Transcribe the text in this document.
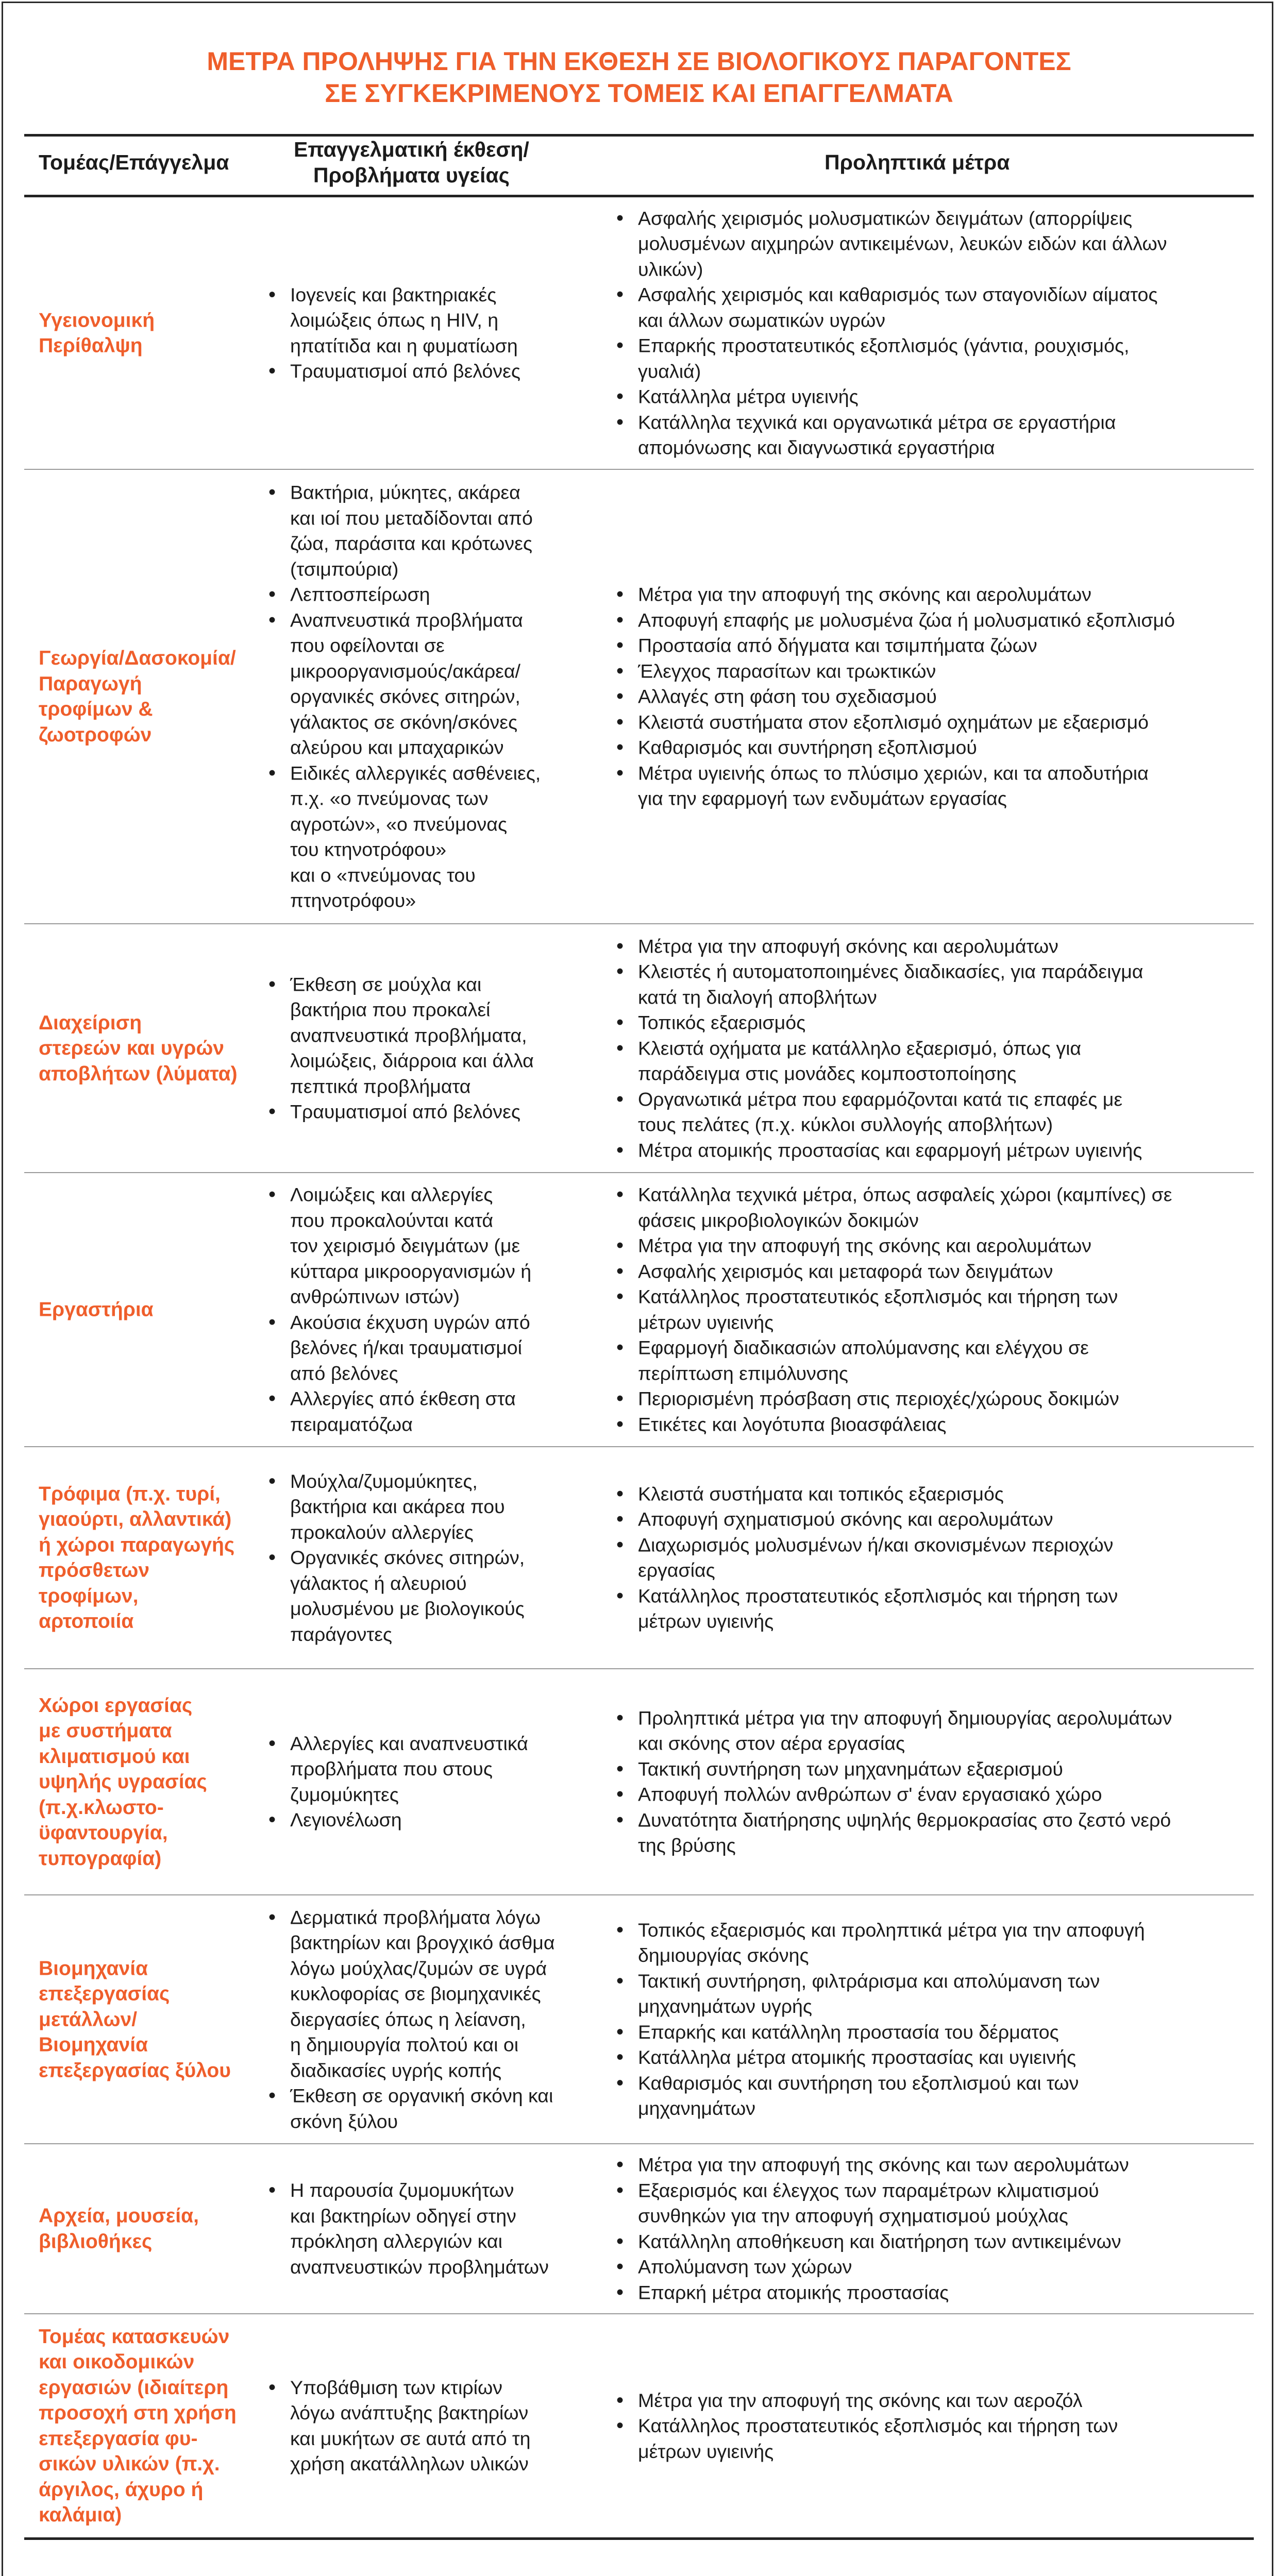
ΜΕΤΡΑ ΠΡΟΛΗΨΗΣ ΓΙΑ ΤΗΝ ΕΚΘΕΣΗ ΣΕ ΒΙΟΛΟΓΙΚΟΥΣ ΠΑΡΑΓΟΝΤΕΣ
ΣΕ ΣΥΓΚΕΚΡΙΜΕΝΟΥΣ ΤΟΜΕΙΣ ΚΑΙ ΕΠΑΓΓΕΛΜΑΤΑ
Τομέας/Επάγγελμα
Επαγγελματική έκθεση/
Προβλήματα υγείας
Προληπτικά μέτρα
Υγειονομική
Περίθαλψη
• Ιογενείς και βακτηριακές
λοιμώξεις όπως η HIV, η
ηπατίτιδα και η φυματίωση
• Τραυματισμοί από βελόνες
• Ασφαλής χειρισμός μολυσματικών δειγμάτων (απορρίψεις
μολυσμένων αιχμηρών αντικειμένων, λευκών ειδών και άλλων
υλικών)
• Ασφαλής χειρισμός και καθαρισμός των σταγονιδίων αίματος
και άλλων σωματικών υγρών
• Επαρκής προστατευτικός εξοπλισμός (γάντια, ρουχισμός,
γυαλιά)
• Κατάλληλα μέτρα υγιεινής
• Κατάλληλα τεχνικά και οργανωτικά μέτρα σε εργαστήρια
απομόνωσης και διαγνωστικά εργαστήρια
Γεωργία/Δασοκομία/
Παραγωγή
τροφίμων &
ζωοτροφών
• Βακτήρια, μύκητες, ακάρεα
και ιοί που μεταδίδονται από
ζώα, παράσιτα και κρότωνες
(τσιμπούρια)
• Λεπτοσπείρωση
• Αναπνευστικά προβλήματα
που οφείλονται σε
μικροοργανισμούς/ακάρεα/
οργανικές σκόνες σιτηρών,
γάλακτος σε σκόνη/σκόνες
αλεύρου και μπαχαρικών
• Ειδικές αλλεργικές ασθένειες,
π.χ. «ο πνεύμονας των
αγροτών», «ο πνεύμονας
του κτηνοτρόφου»
και ο «πνεύμονας του
πτηνοτρόφου»
• Μέτρα για την αποφυγή της σκόνης και αερολυμάτων
• Αποφυγή επαφής με μολυσμένα ζώα ή μολυσματικό εξοπλισμό
• Προστασία από δήγματα και τσιμπήματα ζώων
• Έλεγχος παρασίτων και τρωκτικών
• Αλλαγές στη φάση του σχεδιασμού
• Κλειστά συστήματα στον εξοπλισμό οχημάτων με εξαερισμό
• Καθαρισμός και συντήρηση εξοπλισμού
• Μέτρα υγιεινής όπως το πλύσιμο χεριών, και τα αποδυτήρια
για την εφαρμογή των ενδυμάτων εργασίας
Διαχείριση
στερεών και υγρών
αποβλήτων (λύματα)
• Έκθεση σε μούχλα και
βακτήρια που προκαλεί
αναπνευστικά προβλήματα,
λοιμώξεις, διάρροια και άλλα
πεπτικά προβλήματα
• Τραυματισμοί από βελόνες
• Μέτρα για την αποφυγή σκόνης και αερολυμάτων
• Κλειστές ή αυτοματοποιημένες διαδικασίες, για παράδειγμα
κατά τη διαλογή αποβλήτων
• Τοπικός εξαερισμός
• Κλειστά οχήματα με κατάλληλο εξαερισμό, όπως για
παράδειγμα στις μονάδες κομποστοποίησης
• Οργανωτικά μέτρα που εφαρμόζονται κατά τις επαφές με
τους πελάτες (π.χ. κύκλοι συλλογής αποβλήτων)
• Μέτρα ατομικής προστασίας και εφαρμογή μέτρων υγιεινής
Εργαστήρια
• Λοιμώξεις και αλλεργίες
που προκαλούνται κατά
τον χειρισμό δειγμάτων (με
κύτταρα μικροοργανισμών ή
ανθρώπινων ιστών)
• Ακούσια έκχυση υγρών από
βελόνες ή/και τραυματισμοί
από βελόνες
• Αλλεργίες από έκθεση στα
πειραματόζωα
• Κατάλληλα τεχνικά μέτρα, όπως ασφαλείς χώροι (καμπίνες) σε
φάσεις μικροβιολογικών δοκιμών
• Μέτρα για την αποφυγή της σκόνης και αερολυμάτων
• Ασφαλής χειρισμός και μεταφορά των δειγμάτων
• Κατάλληλος προστατευτικός εξοπλισμός και τήρηση των
μέτρων υγιεινής
• Εφαρμογή διαδικασιών απολύμανσης και ελέγχου σε
περίπτωση επιμόλυνσης
• Περιορισμένη πρόσβαση στις περιοχές/χώρους δοκιμών
• Ετικέτες και λογότυπα βιοασφάλειας
Τρόφιμα (π.χ. τυρί,
γιαούρτι, αλλαντικά)
ή χώροι παραγωγής
πρόσθετων
τροφίμων,
αρτοποιία
• Μούχλα/ζυμομύκητες,
βακτήρια και ακάρεα που
προκαλούν αλλεργίες
• Οργανικές σκόνες σιτηρών,
γάλακτος ή αλευριού
μολυσμένου με βιολογικούς
παράγοντες
• Κλειστά συστήματα και τοπικός εξαερισμός
• Αποφυγή σχηματισμού σκόνης και αερολυμάτων
• Διαχωρισμός μολυσμένων ή/και σκονισμένων περιοχών
εργασίας
• Κατάλληλος προστατευτικός εξοπλισμός και τήρηση των
μέτρων υγιεινής
Χώροι εργασίας
με συστήματα
κλιματισμού και
υψηλής υγρασίας
(π.χ.κλωστο-
ϋφαντουργία,
τυπογραφία)
• Αλλεργίες και αναπνευστικά
προβλήματα που στους
ζυμομύκητες
• Λεγιονέλωση
• Προληπτικά μέτρα για την αποφυγή δημιουργίας αερολυμάτων
και σκόνης στον αέρα εργασίας
• Τακτική συντήρηση των μηχανημάτων εξαερισμού
• Αποφυγή πολλών ανθρώπων σ' έναν εργασιακό χώρο
• Δυνατότητα διατήρησης υψηλής θερμοκρασίας στο ζεστό νερό
της βρύσης
Βιομηχανία
επεξεργασίας
μετάλλων/
Βιομηχανία
επεξεργασίας ξύλου
• Δερματικά προβλήματα λόγω
βακτηρίων και βρογχικό άσθμα
λόγω μούχλας/ζυμών σε υγρά
κυκλοφορίας σε βιομηχανικές
διεργασίες όπως η λείανση,
η δημιουργία πολτού και οι
διαδικασίες υγρής κοπής
• Έκθεση σε οργανική σκόνη και
σκόνη ξύλου
• Τοπικός εξαερισμός και προληπτικά μέτρα για την αποφυγή
δημιουργίας σκόνης
• Τακτική συντήρηση, φιλτράρισμα και απολύμανση των
μηχανημάτων υγρής
• Επαρκής και κατάλληλη προστασία του δέρματος
• Κατάλληλα μέτρα ατομικής προστασίας και υγιεινής
• Καθαρισμός και συντήρηση του εξοπλισμού και των
μηχανημάτων
Αρχεία, μουσεία,
βιβλιοθήκες
• Η παρουσία ζυμομυκήτων
και βακτηρίων οδηγεί στην
πρόκληση αλλεργιών και
αναπνευστικών προβλημάτων
• Μέτρα για την αποφυγή της σκόνης και των αερολυμάτων
• Εξαερισμός και έλεγχος των παραμέτρων κλιματισμού
συνθηκών για την αποφυγή σχηματισμού μούχλας
• Κατάλληλη αποθήκευση και διατήρηση των αντικειμένων
• Απολύμανση των χώρων
• Επαρκή μέτρα ατομικής προστασίας
Τομέας κατασκευών
και οικοδομικών
εργασιών (ιδιαίτερη
προσοχή στη χρήση
επεξεργασία φυ-
σικών υλικών (π.χ.
άργιλος, άχυρο ή
καλάμια)
• Υποβάθμιση των κτιρίων
λόγω ανάπτυξης βακτηρίων
και μυκήτων σε αυτά από τη
χρήση ακατάλληλων υλικών
• Μέτρα για την αποφυγή της σκόνης και των αεροζόλ
• Κατάλληλος προστατευτικός εξοπλισμός και τήρηση των
μέτρων υγιεινής
